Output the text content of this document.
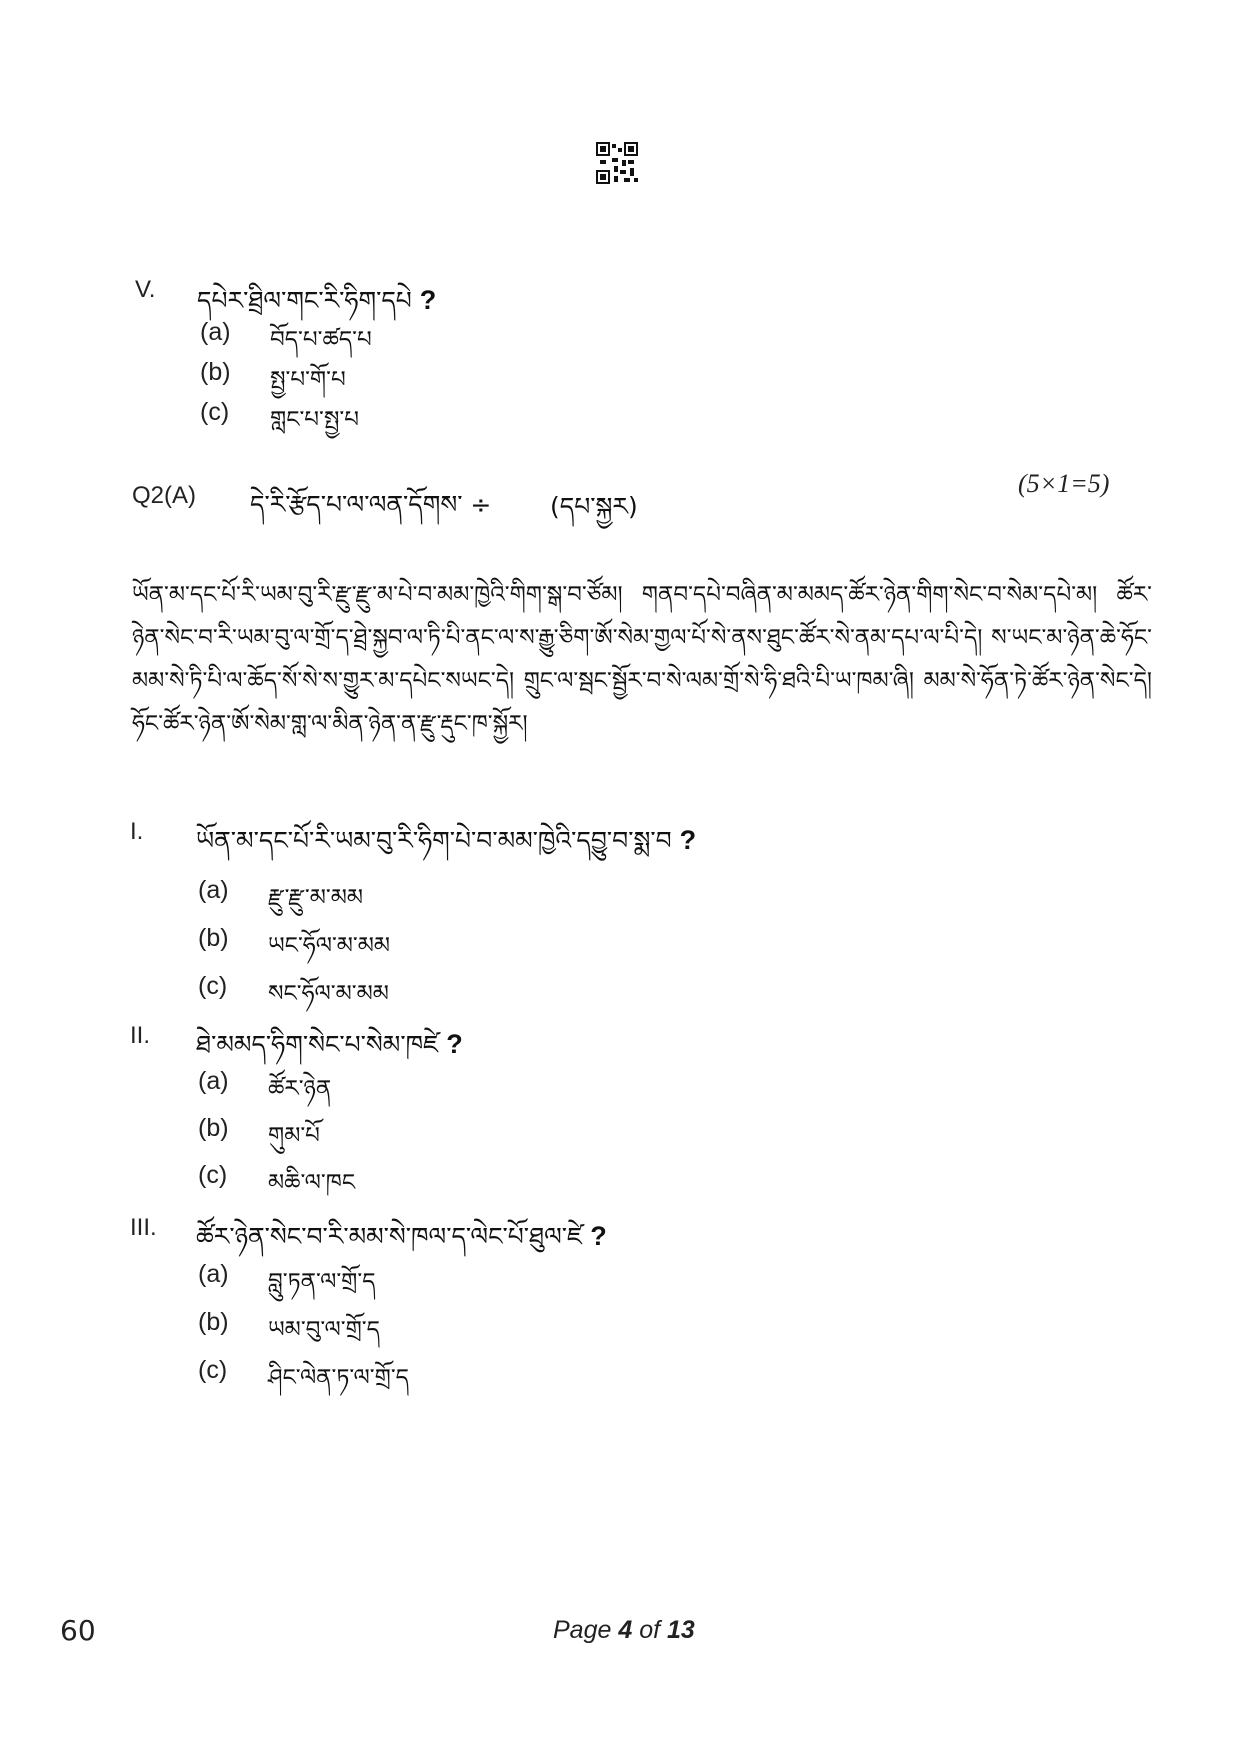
V. དཔེར་ཐྲིལ་གང་རི་ཧིག་དཔེ ?
(a) བོད་པ་ཚད་པ
(b) སྤྱ་པ་གོ་པ
(c) གླང་པ་སྤྱ་པ
Q2(A) དེ་རི་རྩོད་པ་ལ་ལན་དོགས་ ÷ (དཔ་སྐྱར)
(5×1=5)
ཡོན་མ་དང་པོ་རི་ཡམ་བུ་རི་རྫུ་རྫུ་མ་པེ་བ་མམ་ཁྱེའི་གིག་སྒ་བ་ཙོམ། གནབ་དཔེ་བཞིན་མ་མམད་ཚོར་ཉེན་གིག་སེང་བ་སེམ་དཔེ་མ། ཚོར་ཉེན་སེང་བ་རི་ཡམ་བུ་ལ་གྲོ་ད་ཐྲེ་སྐྱབ་ལ་ཏི་པི་ནང་ལ་ས་རྒྱུ་ཅིག་ཨོ་སེམ་གྱལ་པོ་སེ་ནས་ཐུང་ཚོར་སེ་ནམ་དཔ་ལ་པི་དེ། ས་ཡང་མ་ཉེན་ཆེ་ཧོང་མམ་སེ་ཏི་པི་ལ་ཆོད་སོ་སེ་ས་གྱུར་མ་དཔེང་སཡང་དེ། གྲུང་ལ་སྦང་སྦྱོར་བ་སེ་ལམ་གྲོ་སེ་ཧི་ཐའི་པི་ཡ་ཁམ་ཞི། མམ་སེ་ཧོན་ཏེ་ཚོར་ཉེན་སེང་དེ། ཧོང་ཚོར་ཉེན་ཨོ་སེམ་གླ་ལ་མིན་ཉེན་ན་རྫུ་རྡུང་ཁ་སྐྱོར།
I. ཡོན་མ་དང་པོ་རི་ཡམ་བུ་རི་ཧིག་པེ་བ་མམ་ཁྱེའི་དབྱུ་བ་སྨ་བ ?
(a) རྫུ་རྫུ་མ་མམ
(b) ཡང་ཧོལ་མ་མམ
(c) སང་ཧོལ་མ་མམ
II. ཐེ་མམད་ཧིག་སེང་པ་སེམ་ཁཛེ ?
(a) ཚོར་ཉེན
(b) གུམ་པོ
(c) མཆི་ལ་ཁང
III. ཚོར་ཉེན་སེང་བ་རི་མམ་སེ་ཁལ་ད་ལེང་པོ་ཐུལ་ཛེ ?
(a) བླུ་ཏན་ལ་གྲོ་ད
(b) ཡམ་བུ་ལ་གྲོ་ད
(c) ཤིང་ལེན་ཏ་ལ་གྲོ་ད
60	Page 4 of 13
